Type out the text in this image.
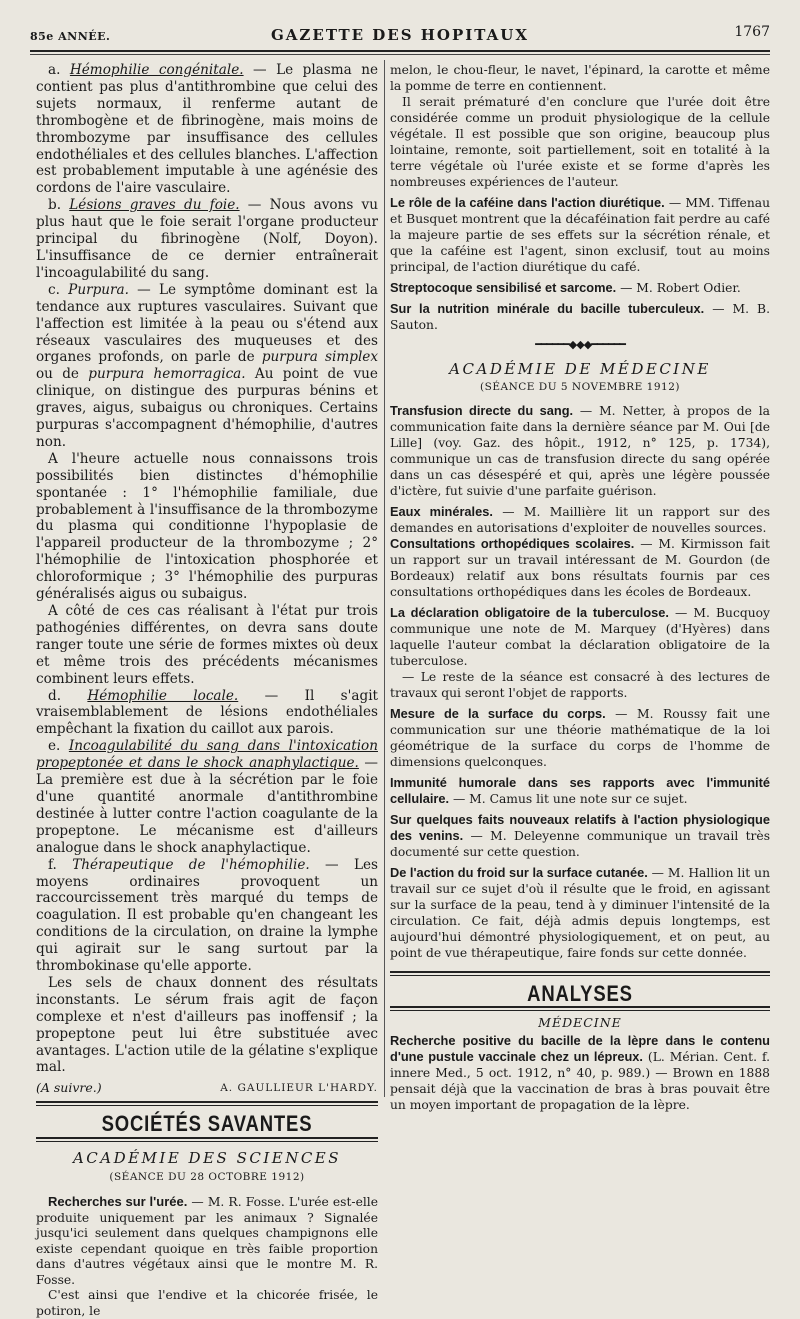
85e ANNÉE.	GAZETTE DES HOPITAUX	1767

a. Hémophilie congénitale. — Le plasma ne contient pas plus d'antithrombine que celui des sujets normaux, il renferme autant de thrombogène et de fibrinogène, mais moins de thrombozyme par insuffisance des cellules endothéliales et des cellules blanches. L'affection est probablement imputable à une agénésie des cordons de l'aire vasculaire.

b. Lésions graves du foie. — Nous avons vu plus haut que le foie serait l'organe producteur principal du fibrinogène (Nolf, Doyon). L'insuffisance de ce dernier entraînerait l'incoagulabilité du sang.

c. Purpura. — Le symptôme dominant est la tendance aux ruptures vasculaires. Suivant que l'affection est limitée à la peau ou s'étend aux réseaux vasculaires des muqueuses et des organes profonds, on parle de purpura simplex ou de purpura hemorragica. Au point de vue clinique, on distingue des purpuras bénins et graves, aigus, subaigus ou chroniques. Certains purpuras s'accompagnent d'hémophilie, d'autres non.

A l'heure actuelle nous connaissons trois possibilités bien distinctes d'hémophilie spontanée : 1° l'hémophilie familiale, due probablement à l'insuffisance de la thrombozyme du plasma qui conditionne l'hypoplasie de l'appareil producteur de la thrombozyme ; 2° l'hémophilie de l'intoxication phosphorée et chloroformique ; 3° l'hémophilie des purpuras généralisés aigus ou subaigus.

A côté de ces cas réalisant à l'état pur trois pathogénies différentes, on devra sans doute ranger toute une série de formes mixtes où deux et même trois des précédents mécanismes combinent leurs effets.

d. Hémophilie locale. — Il s'agit vraisemblablement de lésions endothéliales empêchant la fixation du caillot aux parois.

e. Incoagulabilité du sang dans l'intoxication propeptonée et dans le shock anaphylactique. — La première est due à la sécrétion par le foie d'une quantité anormale d'antithrombine destinée à lutter contre l'action coagulante de la propeptone. Le mécanisme est d'ailleurs analogue dans le shock anaphylactique.

f. Thérapeutique de l'hémophilie. — Les moyens ordinaires provoquent un raccourcissement très marqué du temps de coagulation. Il est probable qu'en changeant les conditions de la circulation, on draine la lymphe qui agirait sur le sang surtout par la thrombokinase qu'elle apporte.

Les sels de chaux donnent des résultats inconstants. Le sérum frais agit de façon complexe et n'est d'ailleurs pas inoffensif ; la propeptone peut lui être substituée avec avantages. L'action utile de la gélatine s'explique mal.

(A suivre.)	A. GAULLIEUR L'HARDY.
SOCIÉTÉS SAVANTES
ACADÉMIE DES SCIENCES
(SÉANCE DU 28 OCTOBRE 1912)

Recherches sur l'urée. — M. R. Fosse. L'urée est-elle produite uniquement par les animaux ? Signalée jusqu'ici seulement dans quelques champignons elle existe cependant quoique en très faible proportion dans d'autres végétaux ainsi que le montre M. R. Fosse.

C'est ainsi que l'endive et la chicorée frisée, le potiron, le

melon, le chou-fleur, le navet, l'épinard, la carotte et même la pomme de terre en contiennent.

Il serait prématuré d'en conclure que l'urée doit être considérée comme un produit physiologique de la cellule végétale. Il est possible que son origine, beaucoup plus lointaine, remonte, soit partiellement, soit en totalité à la terre végétale où l'urée existe et se forme d'après les nombreuses expériences de l'auteur.

Le rôle de la caféine dans l'action diurétique. — MM. Tiffenau et Busquet montrent que la décaféination fait perdre au café la majeure partie de ses effets sur la sécrétion rénale, et que la caféine est l'agent, sinon exclusif, tout au moins principal, de l'action diurétique du café.

Streptocoque sensibilisé et sarcome. — M. Robert Odier.

Sur la nutrition minérale du bacille tuberculeux. — M. B. Sauton.

━━━━━━◆◆◆━━━━━━
ACADÉMIE DE MÉDECINE
(SÉANCE DU 5 NOVEMBRE 1912)

Transfusion directe du sang. — M. Netter, à propos de la communication faite dans la dernière séance par M. Oui [de Lille] (voy. Gaz. des hôpit., 1912, n° 125, p. 1734), communique un cas de transfusion directe du sang opérée dans un cas désespéré et qui, après une légère poussée d'ictère, fut suivie d'une parfaite guérison.

Eaux minérales. — M. Maillière lit un rapport sur des demandes en autorisations d'exploiter de nouvelles sources.

Consultations orthopédiques scolaires. — M. Kirmisson fait un rapport sur un travail intéressant de M. Gourdon (de Bordeaux) relatif aux bons résultats fournis par ces consultations orthopédiques dans les écoles de Bordeaux.

La déclaration obligatoire de la tuberculose. — M. Bucquoy communique une note de M. Marquey (d'Hyères) dans laquelle l'auteur combat la déclaration obligatoire de la tuberculose.

— Le reste de la séance est consacré à des lectures de travaux qui seront l'objet de rapports.

Mesure de la surface du corps. — M. Roussy fait une communication sur une théorie mathématique de la loi géométrique de la surface du corps de l'homme de dimensions quelconques.

Immunité humorale dans ses rapports avec l'immunité cellulaire. — M. Camus lit une note sur ce sujet.

Sur quelques faits nouveaux relatifs à l'action physiologique des venins. — M. Deleyenne communique un travail très documenté sur cette question.

De l'action du froid sur la surface cutanée. — M. Hallion lit un travail sur ce sujet d'où il résulte que le froid, en agissant sur la surface de la peau, tend à y diminuer l'intensité de la circulation. Ce fait, déjà admis depuis longtemps, est aujourd'hui démontré physiologiquement, et on peut, au point de vue thérapeutique, faire fonds sur cette donnée.

ANALYSES
MÉDECINE

Recherche positive du bacille de la lèpre dans le contenu d'une pustule vaccinale chez un lépreux. (L. Mérian. Cent. f. innere Med., 5 oct. 1912, n° 40, p. 989.) — Brown en 1888 pensait déjà que la vaccination de bras à bras pouvait être un moyen important de propagation de la lèpre.
